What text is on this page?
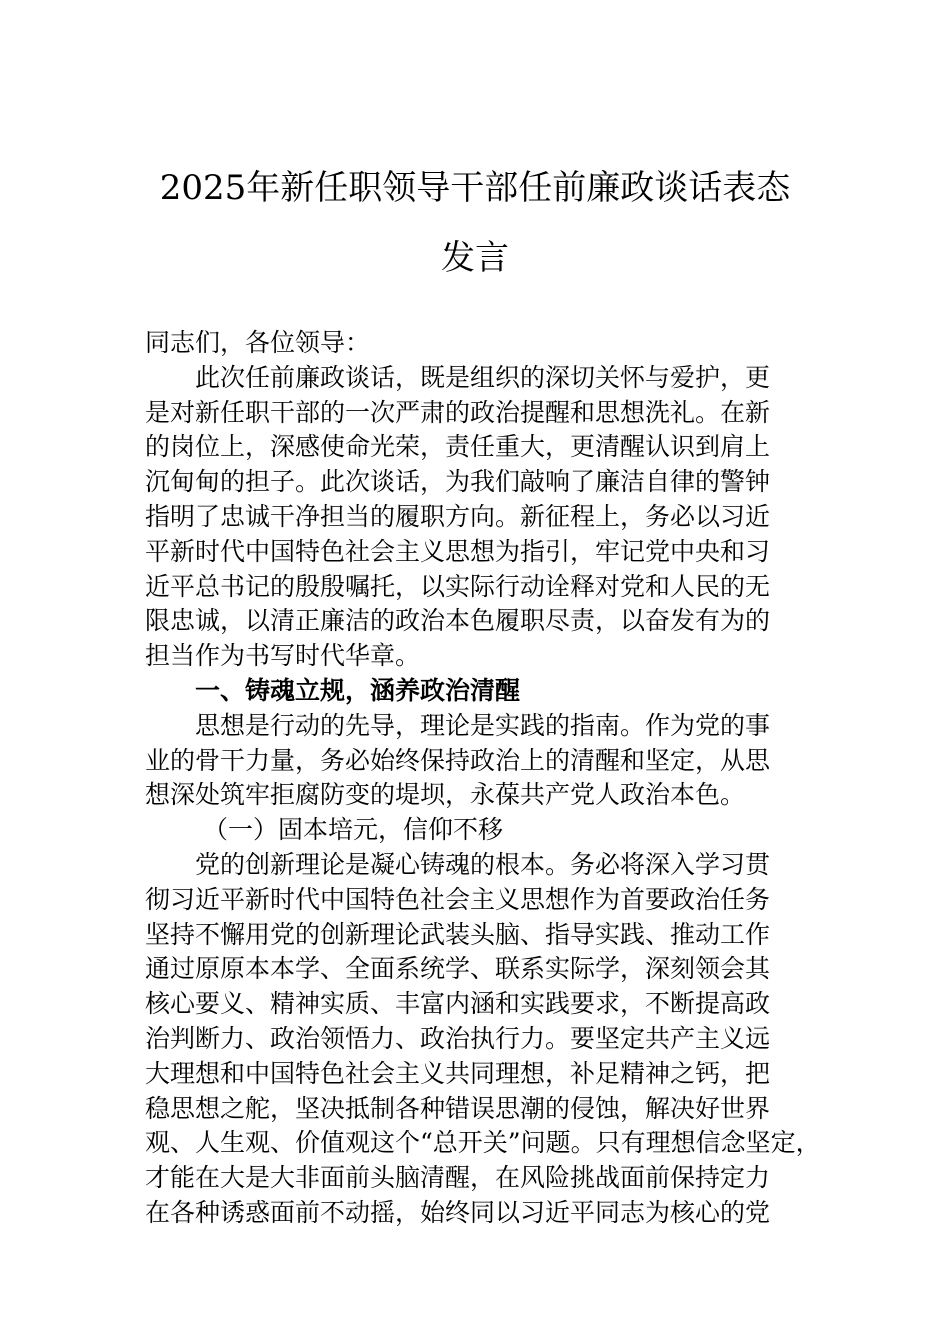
2025年新任职领导干部任前廉政谈话表态
发言
同志们，各位领导：
此次任前廉政谈话，既是组织的深切关怀与爱护，更
是对新任职干部的一次严肃的政治提醒和思想洗礼。在新
的岗位上，深感使命光荣，责任重大，更清醒认识到肩上
沉甸甸的担子。此次谈话，为我们敲响了廉洁自律的警钟
指明了忠诚干净担当的履职方向。新征程上，务必以习近
平新时代中国特色社会主义思想为指引，牢记党中央和习
近平总书记的殷殷嘱托，以实际行动诠释对党和人民的无
限忠诚，以清正廉洁的政治本色履职尽责，以奋发有为的
担当作为书写时代华章。
一、铸魂立规，涵养政治清醒
思想是行动的先导，理论是实践的指南。作为党的事
业的骨干力量，务必始终保持政治上的清醒和坚定，从思
想深处筑牢拒腐防变的堤坝，永葆共产党人政治本色。
（一）固本培元，信仰不移
党的创新理论是凝心铸魂的根本。务必将深入学习贯
彻习近平新时代中国特色社会主义思想作为首要政治任务
坚持不懈用党的创新理论武装头脑、指导实践、推动工作
通过原原本本学、全面系统学、联系实际学，深刻领会其
核心要义、精神实质、丰富内涵和实践要求，不断提高政
治判断力、政治领悟力、政治执行力。要坚定共产主义远
大理想和中国特色社会主义共同理想，补足精神之钙，把
稳思想之舵，坚决抵制各种错误思潮的侵蚀，解决好世界
观、人生观、价值观这个“总开关”问题。只有理想信念坚定，
才能在大是大非面前头脑清醒，在风险挑战面前保持定力
在各种诱惑面前不动摇，始终同以习近平同志为核心的党
